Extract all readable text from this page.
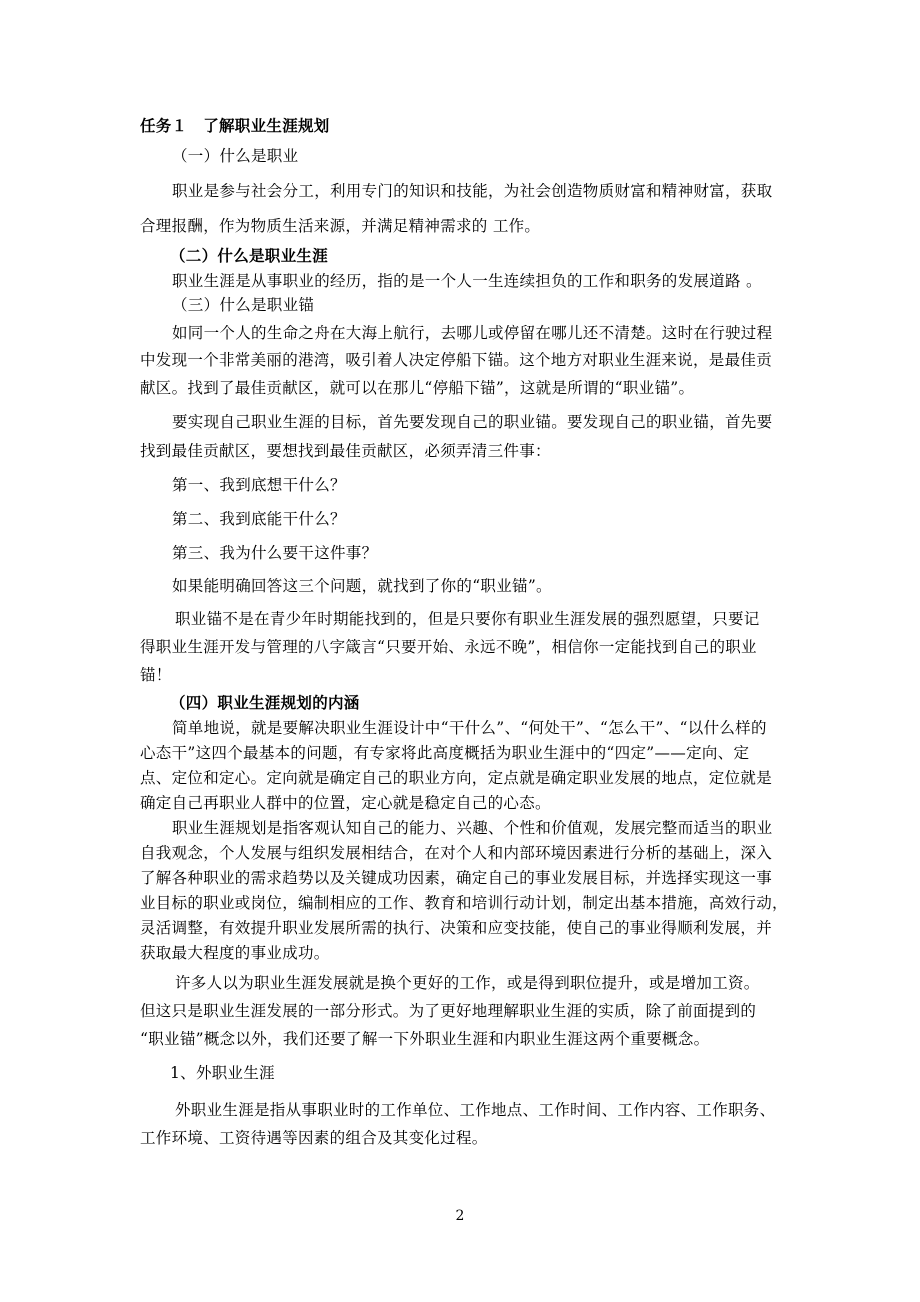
任务１　了解职业生涯规划
（一）什么是职业
职业是参与社会分工，利用专门的知识和技能，为社会创造物质财富和精神财富，获取
合理报酬，作为物质生活来源，并满足精神需求的 工作。
（二）什么是职业生涯
职业生涯是从事职业的经历，指的是一个人一生连续担负的工作和职务的发展道路 。
（三）什么是职业锚
如同一个人的生命之舟在大海上航行，去哪儿或停留在哪儿还不清楚。这时在行驶过程
中发现一个非常美丽的港湾，吸引着人决定停船下锚。这个地方对职业生涯来说，是最佳贡
献区。找到了最佳贡献区，就可以在那儿“停船下锚”，这就是所谓的“职业锚”。
要实现自己职业生涯的目标，首先要发现自己的职业锚。要发现自己的职业锚，首先要
找到最佳贡献区，要想找到最佳贡献区，必须弄清三件事：
第一、我到底想干什么？
第二、我到底能干什么？
第三、我为什么要干这件事？
如果能明确回答这三个问题，就找到了你的“职业锚”。
职业锚不是在青少年时期能找到的，但是只要你有职业生涯发展的强烈愿望，只要记
得职业生涯开发与管理的八字箴言“只要开始、永远不晚”，相信你一定能找到自己的职业
锚！
（四）职业生涯规划的内涵
简单地说，就是要解决职业生涯设计中“干什么”、“何处干”、“怎么干”、“以什么样的
心态干”这四个最基本的问题，有专家将此高度概括为职业生涯中的“四定”——定向、定
点、定位和定心。定向就是确定自己的职业方向，定点就是确定职业发展的地点，定位就是
确定自己再职业人群中的位置，定心就是稳定自己的心态。
职业生涯规划是指客观认知自己的能力、兴趣、个性和价值观，发展完整而适当的职业
自我观念，个人发展与组织发展相结合，在对个人和内部环境因素进行分析的基础上，深入
了解各种职业的需求趋势以及关键成功因素，确定自己的事业发展目标，并选择实现这一事
业目标的职业或岗位，编制相应的工作、教育和培训行动计划，制定出基本措施，高效行动，
灵活调整，有效提升职业发展所需的执行、决策和应变技能，使自己的事业得顺利发展，并
获取最大程度的事业成功。
许多人以为职业生涯发展就是换个更好的工作，或是得到职位提升，或是增加工资。
但这只是职业生涯发展的一部分形式。为了更好地理解职业生涯的实质，除了前面提到的
“职业锚”概念以外，我们还要了解一下外职业生涯和内职业生涯这两个重要概念。
1、外职业生涯
外职业生涯是指从事职业时的工作单位、工作地点、工作时间、工作内容、工作职务、
工作环境、工资待遇等因素的组合及其变化过程。
2
